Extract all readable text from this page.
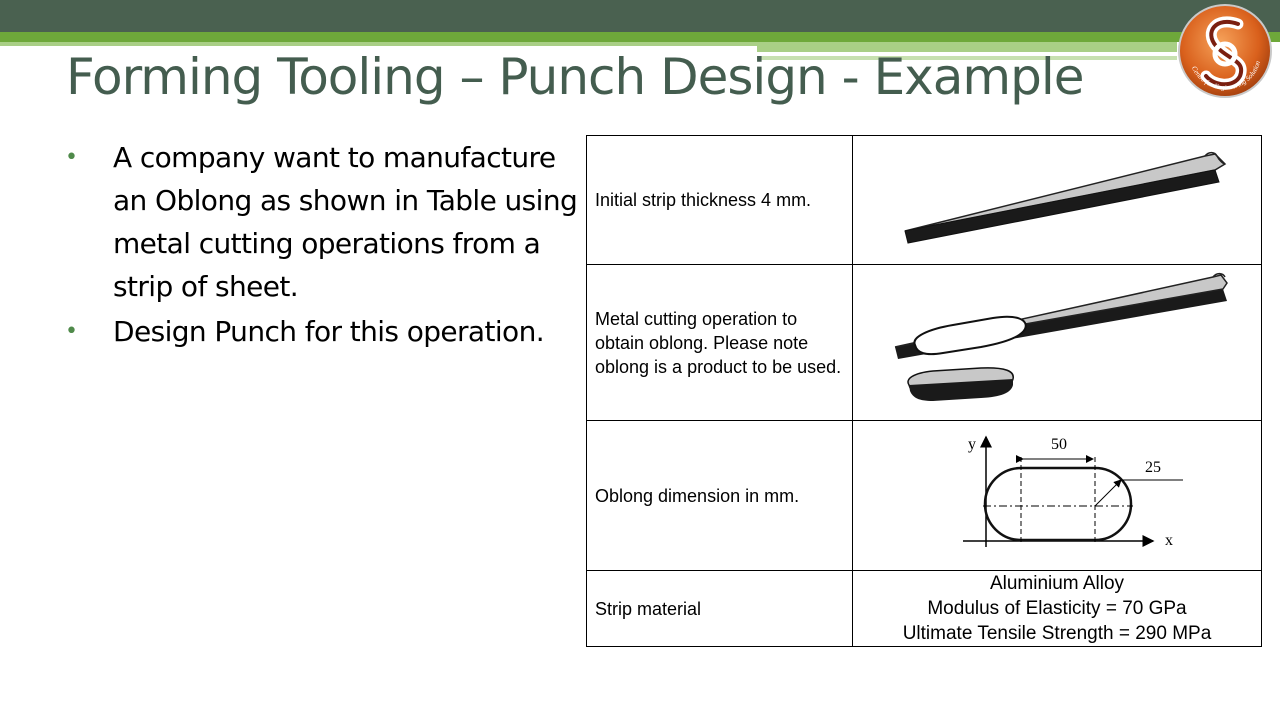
Centre for Engineering Solution
Forming Tooling – Punch Design - Example
• A company want to manufacture an Oblong as shown in Table using metal cutting operations from a strip of sheet.
• Design Punch for this operation.
Initial strip thickness 4 mm.	

Metal cutting operation to obtain oblong. Please note oblong is a product to be used.	

Oblong dimension in mm.	y
x
50
25

Strip material	Aluminium Alloy
Modulus of Elasticity = 70 GPa
Ultimate Tensile Strength = 290 MPa
